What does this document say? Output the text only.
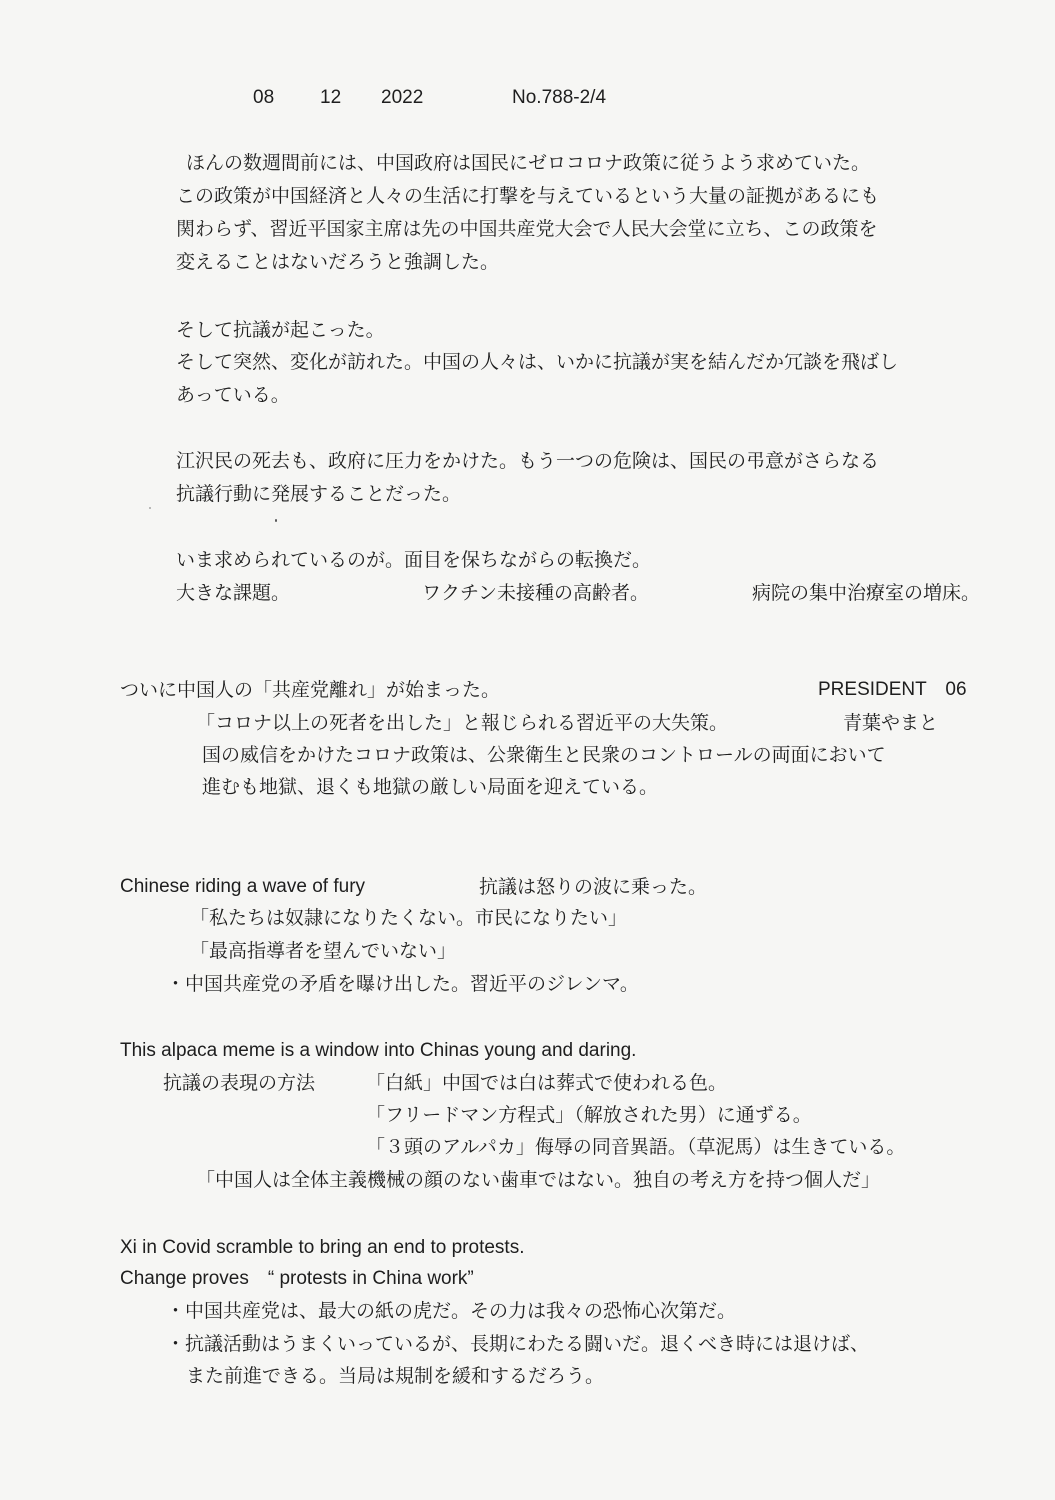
08 12 2022	No.788-2/4
ほんの数週間前には、中国政府は国民にゼロコロナ政策に従うよう求めていた。
この政策が中国経済と人々の生活に打撃を与えているという大量の証拠があるにも
関わらず、習近平国家主席は先の中国共産党大会で人民大会堂に立ち、この政策を
変えることはないだろうと強調した。
そして抗議が起こった。
そして突然、変化が訪れた。中国の人々は、いかに抗議が実を結んだか冗談を飛ばし
あっている。
江沢民の死去も、政府に圧力をかけた。もう一つの危険は、国民の弔意がさらなる
抗議行動に発展することだった。
いま求められているのが。面目を保ちながらの転換だ。
大きな課題。	ワクチン未接種の高齢者。	病院の集中治療室の増床。
ついに中国人の「共産党離れ」が始まった。	PRESIDENT　06
「コロナ以上の死者を出した」と報じられる習近平の大失策。	青葉やまと
国の威信をかけたコロナ政策は、公衆衛生と民衆のコントロールの両面において
進むも地獄、退くも地獄の厳しい局面を迎えている。
Chinese riding a wave of fury	抗議は怒りの波に乗った。
「私たちは奴隷になりたくない。市民になりたい」
「最高指導者を望んでいない」
・中国共産党の矛盾を曝け出した。習近平のジレンマ。
This alpaca meme is a window into Chinas young and daring.
抗議の表現の方法	「白紙」中国では白は葬式で使われる色。
「フリードマン方程式」（解放された男）に通ずる。
「３頭のアルパカ」侮辱の同音異語。（草泥馬）は生きている。
「中国人は全体主義機械の顔のない歯車ではない。独自の考え方を持つ個人だ」
Xi in Covid scramble to bring an end to protests.
Change proves　“ protests in China work”
・中国共産党は、最大の紙の虎だ。その力は我々の恐怖心次第だ。
・抗議活動はうまくいっているが、長期にわたる闘いだ。退くべき時には退けば、
また前進できる。当局は規制を緩和するだろう。
